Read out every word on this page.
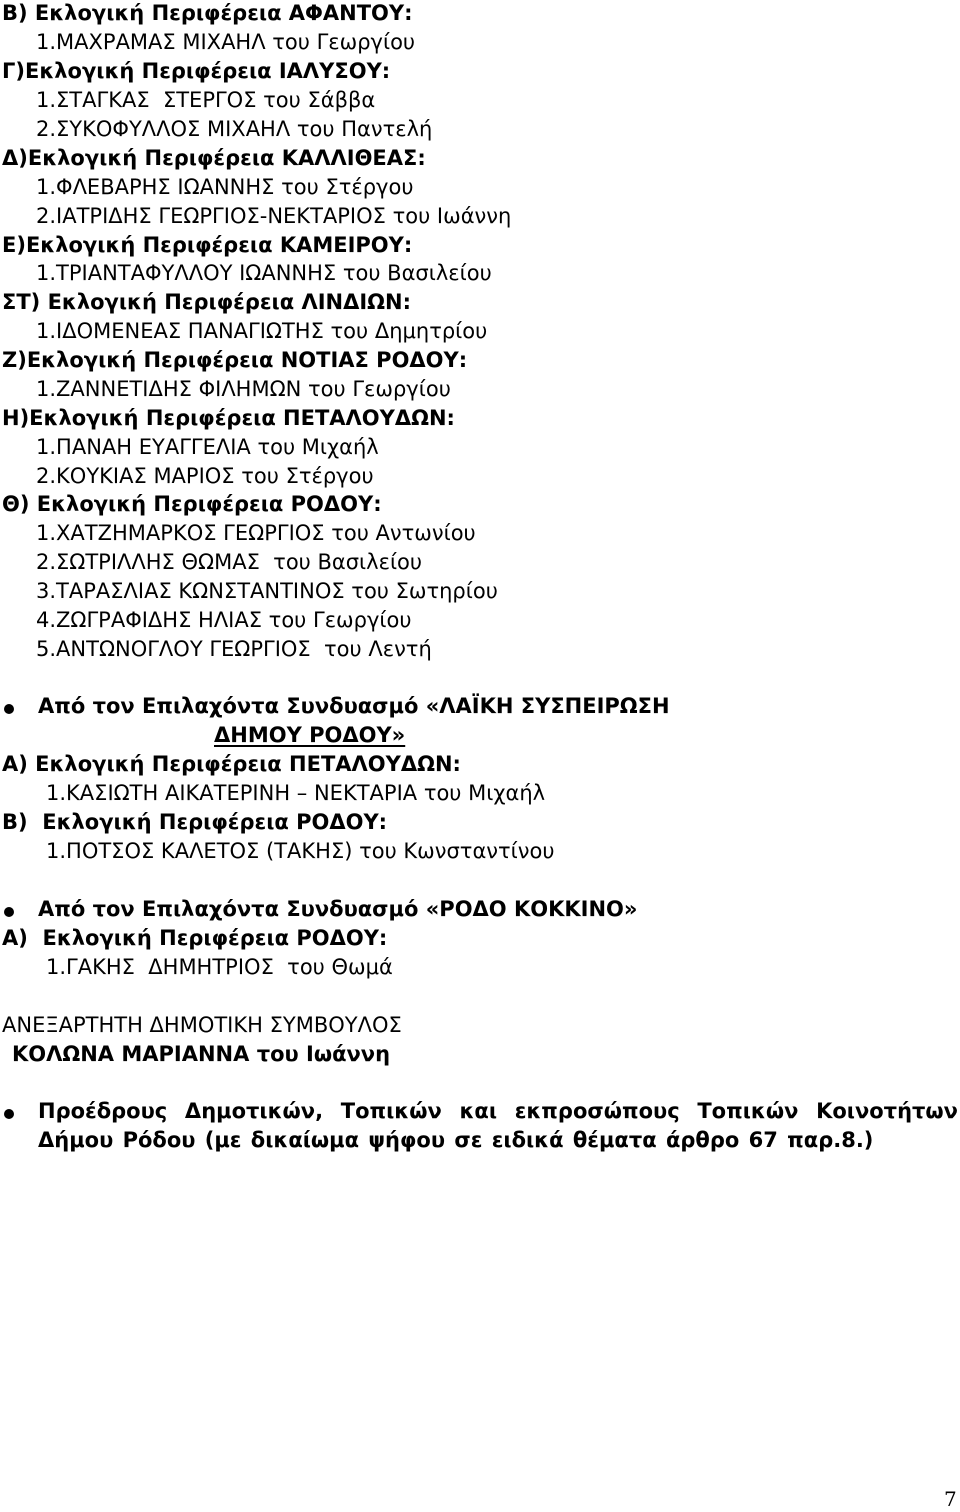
Β) Εκλογική Περιφέρεια ΑΦΑΝΤΟΥ:
1.ΜΑΧΡΑΜΑΣ ΜΙΧΑΗΛ του Γεωργίου
Γ)Εκλογική Περιφέρεια ΙΑΛΥΣΟΥ:
1.ΣΤΑΓΚΑΣ  ΣΤΕΡΓΟΣ του Σάββα
2.ΣΥΚΟΦΥΛΛΟΣ ΜΙΧΑΗΛ του Παντελή
Δ)Εκλογική Περιφέρεια ΚΑΛΛΙΘΕΑΣ:
1.ΦΛΕΒΑΡΗΣ ΙΩΑΝΝΗΣ του Στέργου
2.ΙΑΤΡΙΔΗΣ ΓΕΩΡΓΙΟΣ-ΝΕΚΤΑΡΙΟΣ του Ιωάννη
Ε)Εκλογική Περιφέρεια ΚΑΜΕΙΡΟΥ:
1.ΤΡΙΑΝΤΑΦΥΛΛΟΥ ΙΩΑΝΝΗΣ του Βασιλείου
ΣΤ) Εκλογική Περιφέρεια ΛΙΝΔΙΩΝ:
1.ΙΔΟΜΕΝΕΑΣ ΠΑΝΑΓΙΩΤΗΣ του Δημητρίου
Ζ)Εκλογική Περιφέρεια ΝΟΤΙΑΣ ΡΟΔΟΥ:
1.ΖΑΝΝΕΤΙΔΗΣ ΦΙΛΗΜΩΝ του Γεωργίου
Η)Εκλογική Περιφέρεια ΠΕΤΑΛΟΥΔΩΝ:
1.ΠΑΝΑΗ ΕΥΑΓΓΕΛΙΑ του Μιχαήλ
2.ΚΟΥΚΙΑΣ ΜΑΡΙΟΣ του Στέργου
Θ) Εκλογική Περιφέρεια ΡΟΔΟΥ:
1.ΧΑΤΖΗΜΑΡΚΟΣ ΓΕΩΡΓΙΟΣ του Αντωνίου
2.ΣΩΤΡΙΛΛΗΣ ΘΩΜΑΣ  του Βασιλείου
3.ΤΑΡΑΣΛΙΑΣ ΚΩΝΣΤΑΝΤΙΝΟΣ του Σωτηρίου
4.ΖΩΓΡΑΦΙΔΗΣ ΗΛΙΑΣ του Γεωργίου
5.ΑΝΤΩΝΟΓΛΟΥ ΓΕΩΡΓΙΟΣ  του Λεντή
Από τον Επιλαχόντα Συνδυασμό «ΛΑΪΚΗ ΣΥΣΠΕΙΡΩΣΗ
ΔΗΜΟΥ ΡΟΔΟΥ»
Α) Εκλογική Περιφέρεια ΠΕΤΑΛΟΥΔΩΝ:
1.ΚΑΣΙΩΤΗ ΑΙΚΑΤΕΡΙΝΗ – ΝΕΚΤΑΡΙΑ του Μιχαήλ
Β)  Εκλογική Περιφέρεια ΡΟΔΟΥ:
1.ΠΟΤΣΟΣ ΚΑΛΕΤΟΣ (ΤΑΚΗΣ) του Κωνσταντίνου
Από τον Επιλαχόντα Συνδυασμό «ΡΟΔΟ ΚΟΚΚΙΝΟ»
Α)  Εκλογική Περιφέρεια ΡΟΔΟΥ:
1.ΓΑΚΗΣ  ΔΗΜΗΤΡΙΟΣ  του Θωμά
ΑΝΕΞΑΡΤΗΤΗ ΔΗΜΟΤΙΚΗ ΣΥΜΒΟΥΛΟΣ
ΚΟΛΩΝΑ ΜΑΡΙΑΝΝΑ του Ιωάννη
Προέδρους Δημοτικών, Τοπικών και εκπροσώπους Τοπικών Κοινοτήτων Δήμου Ρόδου (με δικαίωμα ψήφου σε ειδικά θέματα άρθρο 67 παρ.8.)
7
